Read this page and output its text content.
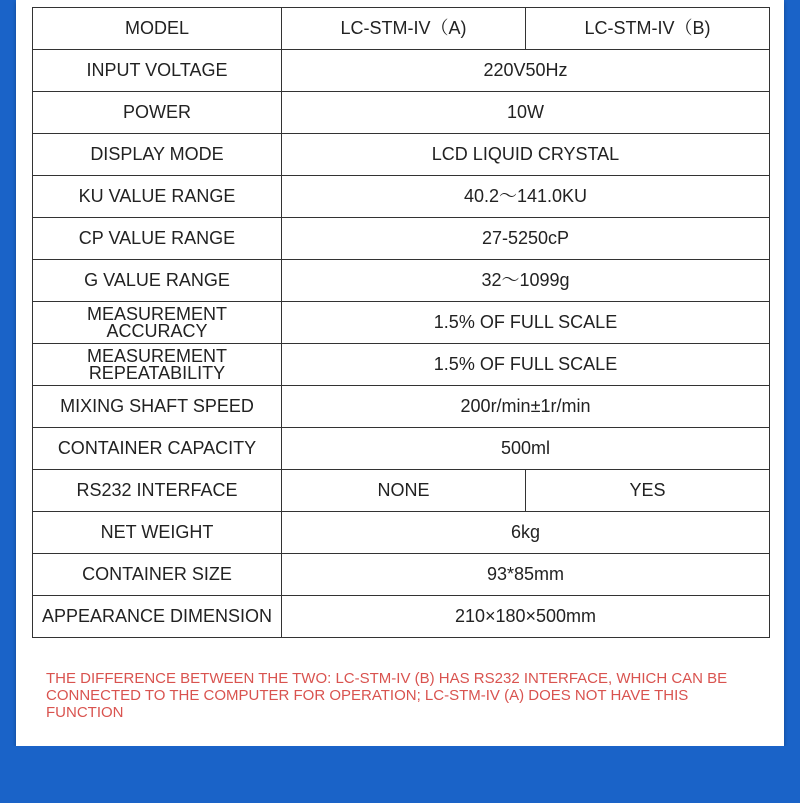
MODEL	LC-STM-IV（A)	LC-STM-IV（B)
INPUT VOLTAGE	220V50Hz	
POWER	10W	
DISPLAY MODE	LCD LIQUID CRYSTAL	
KU VALUE RANGE	40.2～141.0KU	
CP VALUE RANGE	27-5250cP	
G VALUE RANGE	32～1099g	
MEASUREMENT ACCURACY	1.5% OF FULL SCALE	
MEASUREMENT REPEATABILITY	1.5% OF FULL SCALE	
MIXING SHAFT SPEED	200r/min±1r/min	
CONTAINER CAPACITY	500ml	
RS232 INTERFACE	NONE	YES
NET WEIGHT	6kg	
CONTAINER SIZE	93*85mm	
APPEARANCE DIMENSION	210×180×500mm	
THE DIFFERENCE BETWEEN THE TWO: LC-STM-IV (B) HAS RS232 INTERFACE, WHICH CAN BE CONNECTED TO THE COMPUTER FOR OPERATION; LC-STM-IV (A) DOES NOT HAVE THIS FUNCTION
